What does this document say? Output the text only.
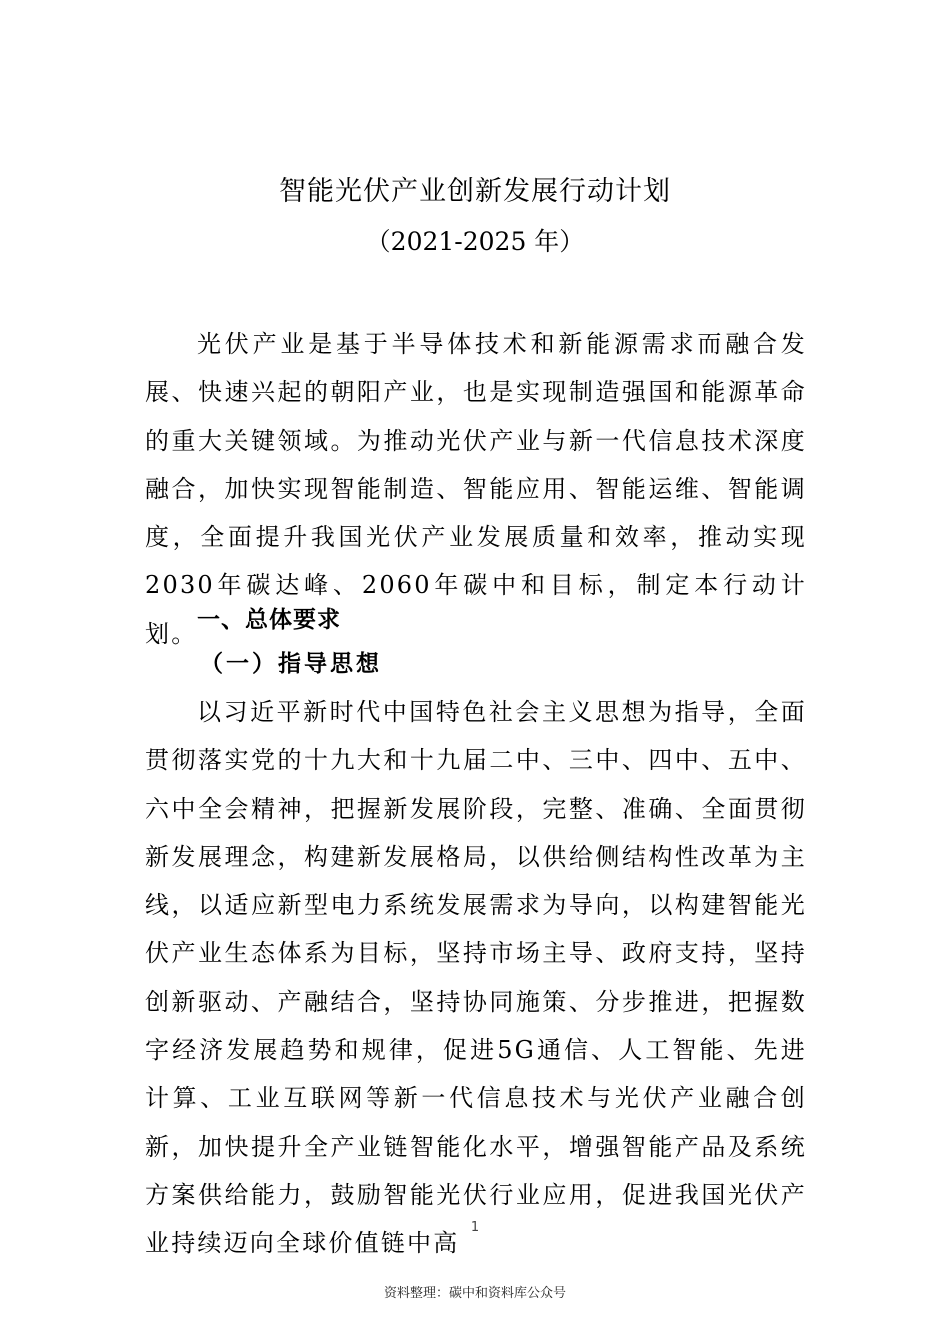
智能光伏产业创新发展行动计划
（2021-2025 年）

光伏产业是基于半导体技术和新能源需求而融合发展、快速兴起的朝阳产业，也是实现制造强国和能源革命的重大关键领域。为推动光伏产业与新一代信息技术深度融合，加快实现智能制造、智能应用、智能运维、智能调度，全面提升我国光伏产业发展质量和效率，推动实现2030年碳达峰、2060年碳中和目标，制定本行动计划。 一、总体要求
（一）指导思想

以习近平新时代中国特色社会主义思想为指导，全面贯彻落实党的十九大和十九届二中、三中、四中、五中、六中全会精神，把握新发展阶段，完整、准确、全面贯彻新发展理念，构建新发展格局，以供给侧结构性改革为主线，以适应新型电力系统发展需求为导向，以构建智能光伏产业生态体系为目标，坚持市场主导、政府支持，坚持创新驱动、产融结合，坚持协同施策、分步推进，把握数字经济发展趋势和规律，促进5G通信、人工智能、先进计算、工业互联网等新一代信息技术与光伏产业融合创新，加快提升全产业链智能化水平，增强智能产品及系统方案供给能力，鼓励智能光伏行业应用，促进我国光伏产业持续迈向全球价值链中高

1
资料整理：碳中和资料库公众号
